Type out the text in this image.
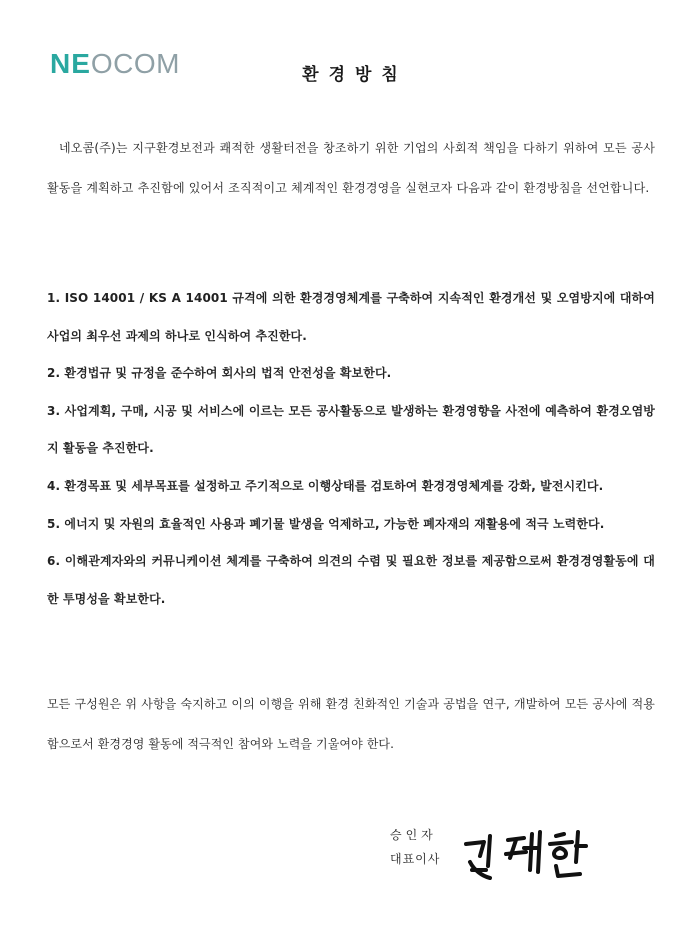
NE OCOM	환경방침

네오콤(주)는 지구환경보전과 쾌적한 생활터전을 창조하기 위한 기업의 사회적 책임을 다하기 위하여 모든 공사활동을 계획하고 추진함에 있어서 조직적이고 체계적인 환경경영을 실현코자 다음과 같이 환경방침을 선언합니다.

1. ISO 14001 / KS A 14001 규격에 의한 환경경영체계를 구축하여 지속적인 환경개선 및 오염방지에 대하여 사업의 최우선 과제의 하나로 인식하여 추진한다.
2. 환경법규 및 규정을 준수하여 회사의 법적 안전성을 확보한다.
3. 사업계획, 구매, 시공 및 서비스에 이르는 모든 공사활동으로 발생하는 환경영향을 사전에 예측하여 환경오염방지 활동을 추진한다.
4. 환경목표 및 세부목표를 설정하고 주기적으로 이행상태를 검토하여 환경경영체계를 강화, 발전시킨다.
5. 에너지 및 자원의 효율적인 사용과 폐기물 발생을 억제하고, 가능한 폐자재의 재활용에 적극 노력한다.
6. 이해관계자와의 커뮤니케이션 체계를 구축하여 의견의 수렴 및 필요한 정보를 제공함으로써 환경경영활동에 대한 투명성을 확보한다.

모든 구성원은 위 사항을 숙지하고 이의 이행을 위해 환경 친화적인 기술과 공법을 연구, 개발하여 모든 공사에 적용함으로서 환경경영 활동에 적극적인 참여와 노력을 기울여야 한다.

승인자
대표이사
